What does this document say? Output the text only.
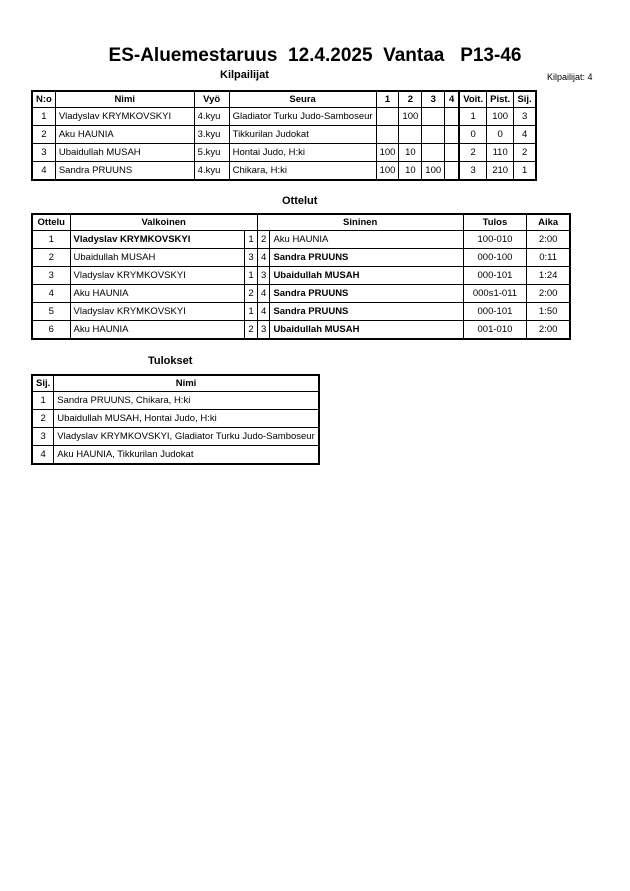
ES-Aluemestaruus  12.4.2025  Vantaa   P13-46
Kilpailijat	Kilpailijat: 4
N:o	Nimi	Vyö	Seura	1	2	3	4	Voit.	Pist.	Sij.
1	Vladyslav KRYMKOVSKYI	4.kyu	Gladiator Turku Judo-Samboseur		100			1	100	3
2	Aku HAUNIA	3.kyu	Tikkurilan Judokat					0	0	4
3	Ubaidullah MUSAH	5.kyu	Hontai Judo, H:ki	100	10			2	110	2
4	Sandra PRUUNS	4.kyu	Chikara, H:ki	100	10	100		3	210	1
Ottelut
Ottelu	Valkoinen		Sininen		Tulos	Aika
1	Vladyslav KRYMKOVSKYI	1	2	Aku HAUNIA	100-010	2:00
2	Ubaidullah MUSAH	3	4	Sandra PRUUNS	000-100	0:11
3	Vladyslav KRYMKOVSKYI	1	3	Ubaidullah MUSAH	000-101	1:24
4	Aku HAUNIA	2	4	Sandra PRUUNS	000s1-011	2:00
5	Vladyslav KRYMKOVSKYI	1	4	Sandra PRUUNS	000-101	1:50
6	Aku HAUNIA	2	3	Ubaidullah MUSAH	001-010	2:00
Tulokset
Sij.	Nimi
1	Sandra PRUUNS, Chikara, H:ki
2	Ubaidullah MUSAH, Hontai Judo, H:ki
3	Vladyslav KRYMKOVSKYI, Gladiator Turku Judo-Samboseur
4	Aku HAUNIA, Tikkurilan Judokat
